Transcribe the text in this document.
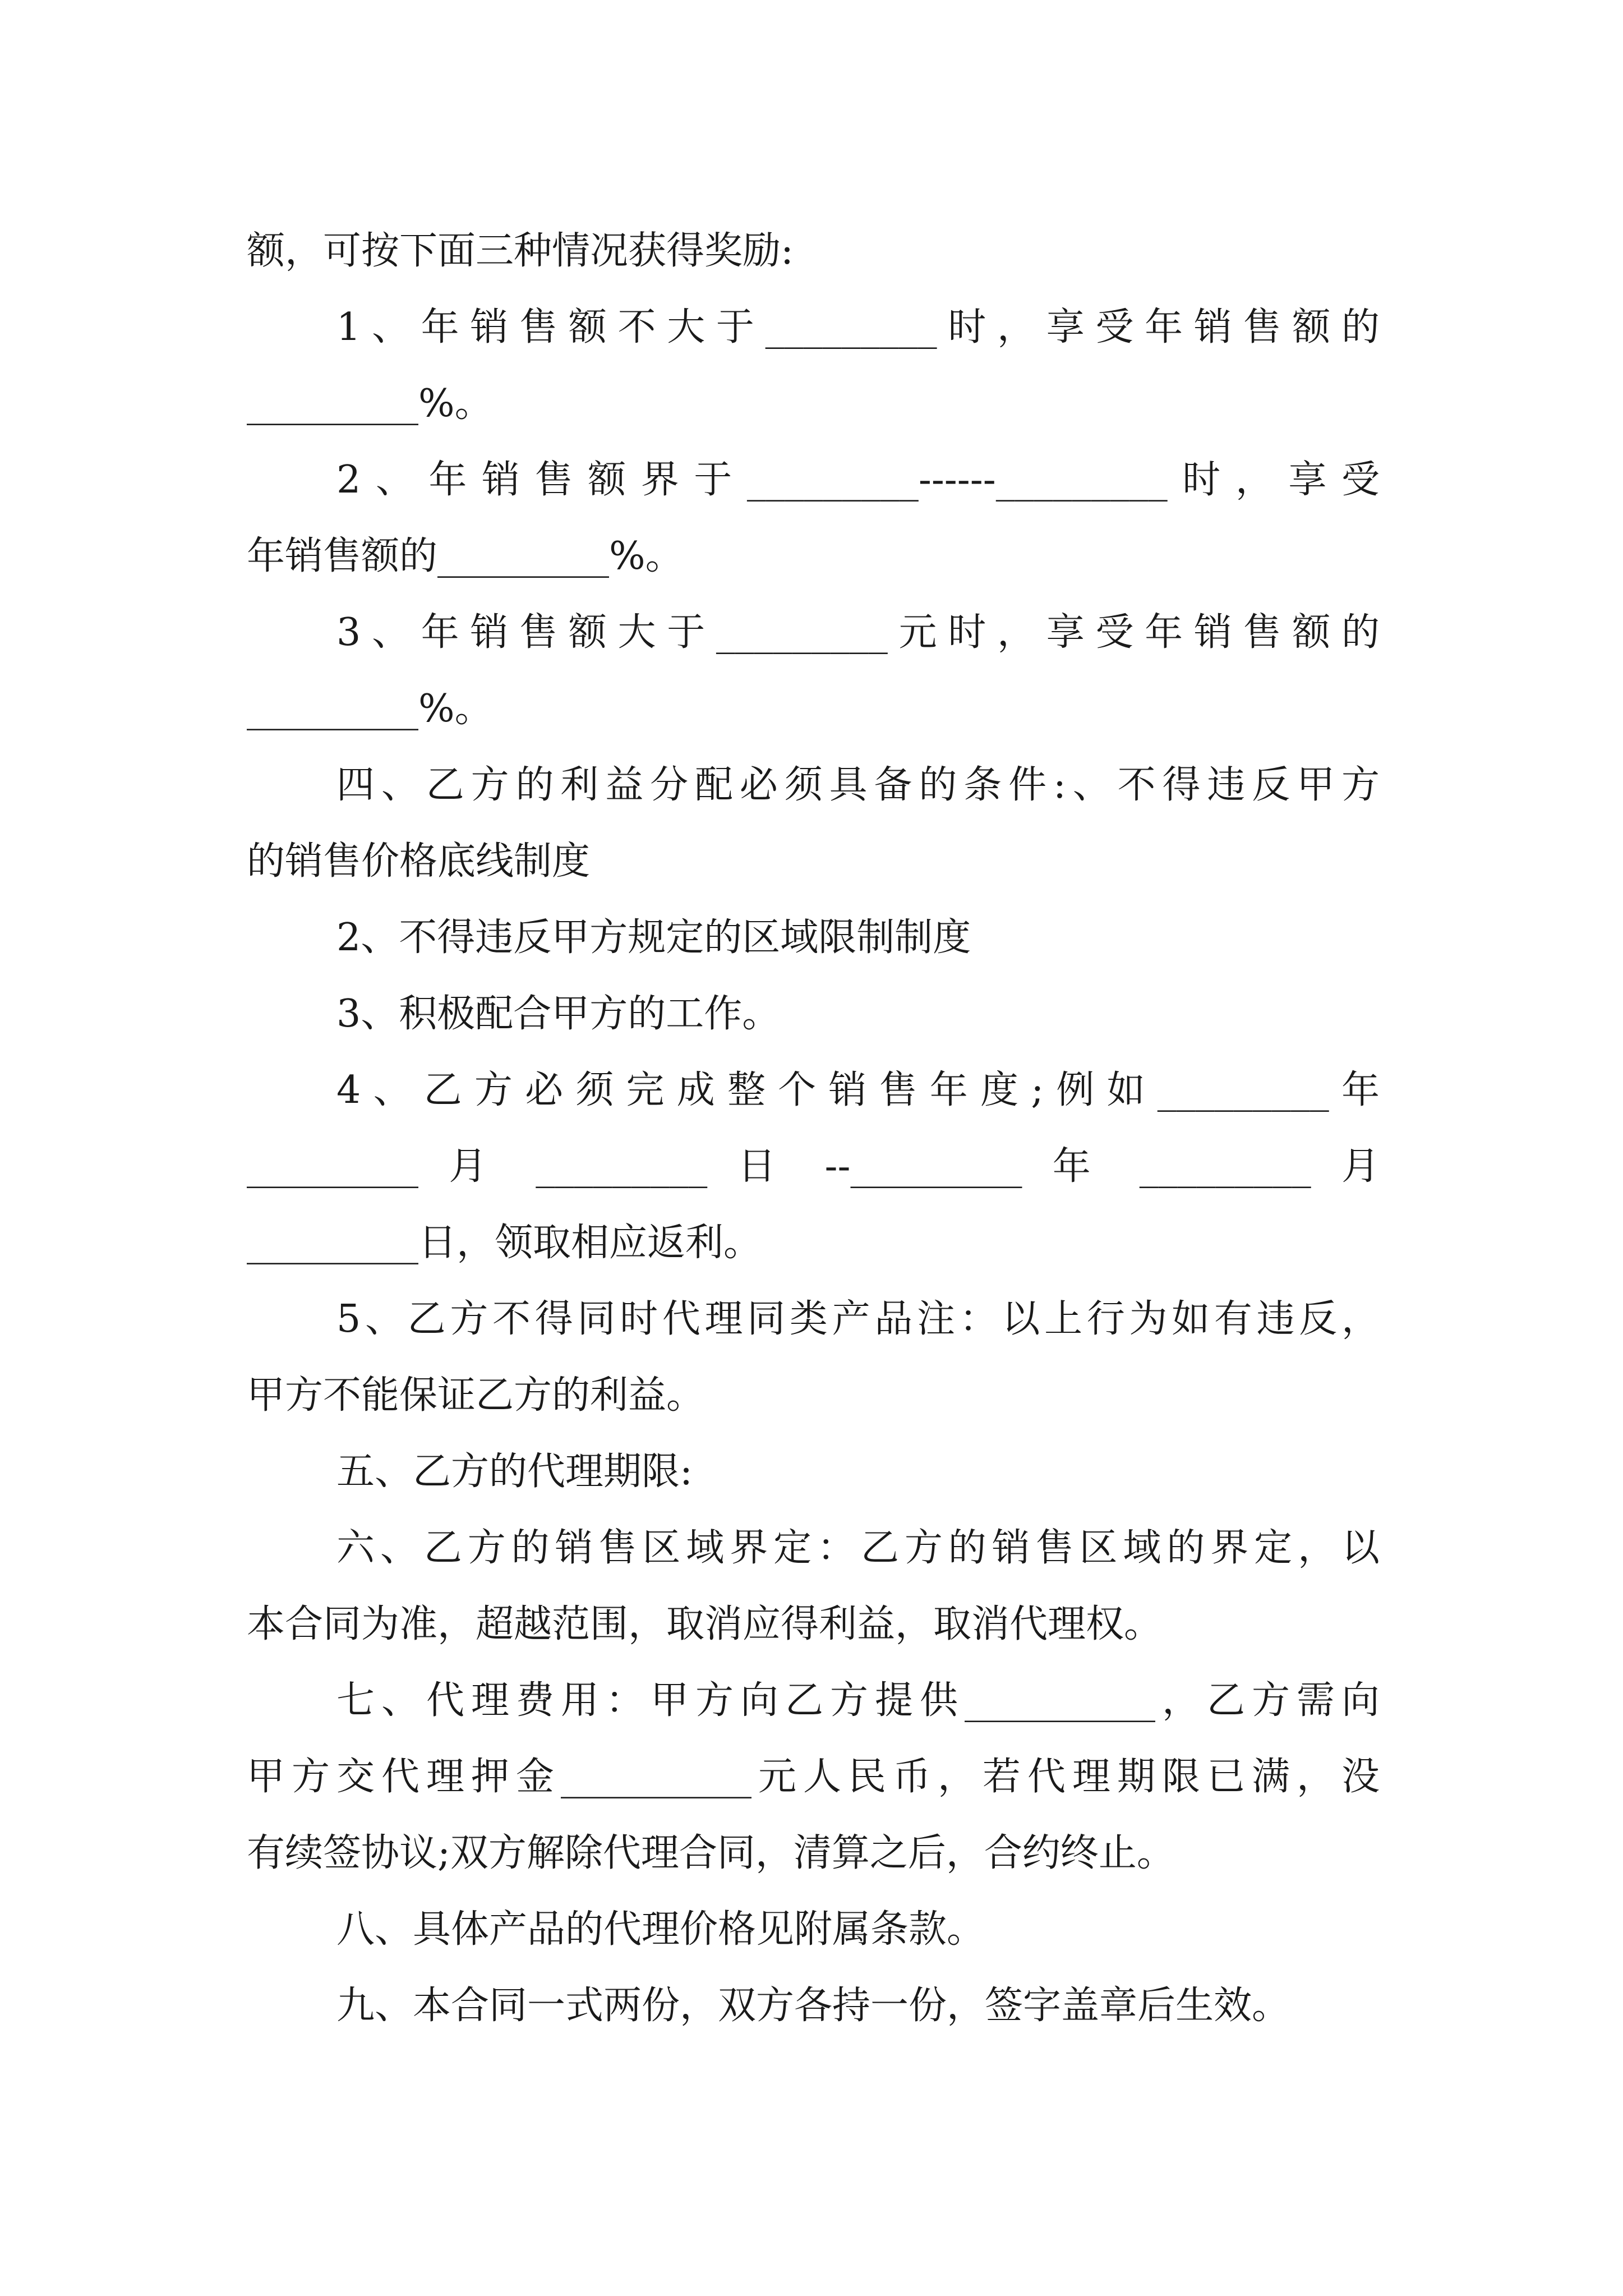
额，可按下面三种情况获得奖励:
1、年销售额不大于_________时，享受年销售额的
_________%。
2、年销售额界于_________------_________时，享受
年销售额的_________%。
3、年销售额大于_________元时，享受年销售额的
_________%。
四、乙方的利益分配必须具备的条件:、不得违反甲方
的销售价格底线制度
2、不得违反甲方规定的区域限制制度
3、积极配合甲方的工作。
4、乙方必须完成整个销售年度;例如_________年
_________ 月 _________ 日 --_________ 年 _________ 月
_________日，领取相应返利。
5、乙方不得同时代理同类产品注：以上行为如有违反，
甲方不能保证乙方的利益。
五、乙方的代理期限:
六、乙方的销售区域界定：乙方的销售区域的界定，以
本合同为准，超越范围，取消应得利益，取消代理权。
七、代理费用：甲方向乙方提供__________，乙方需向
甲方交代理押金__________元人民币，若代理期限已满，没
有续签协议;双方解除代理合同，清算之后，合约终止。
八、具体产品的代理价格见附属条款。
九、本合同一式两份，双方各持一份，签字盖章后生效。
